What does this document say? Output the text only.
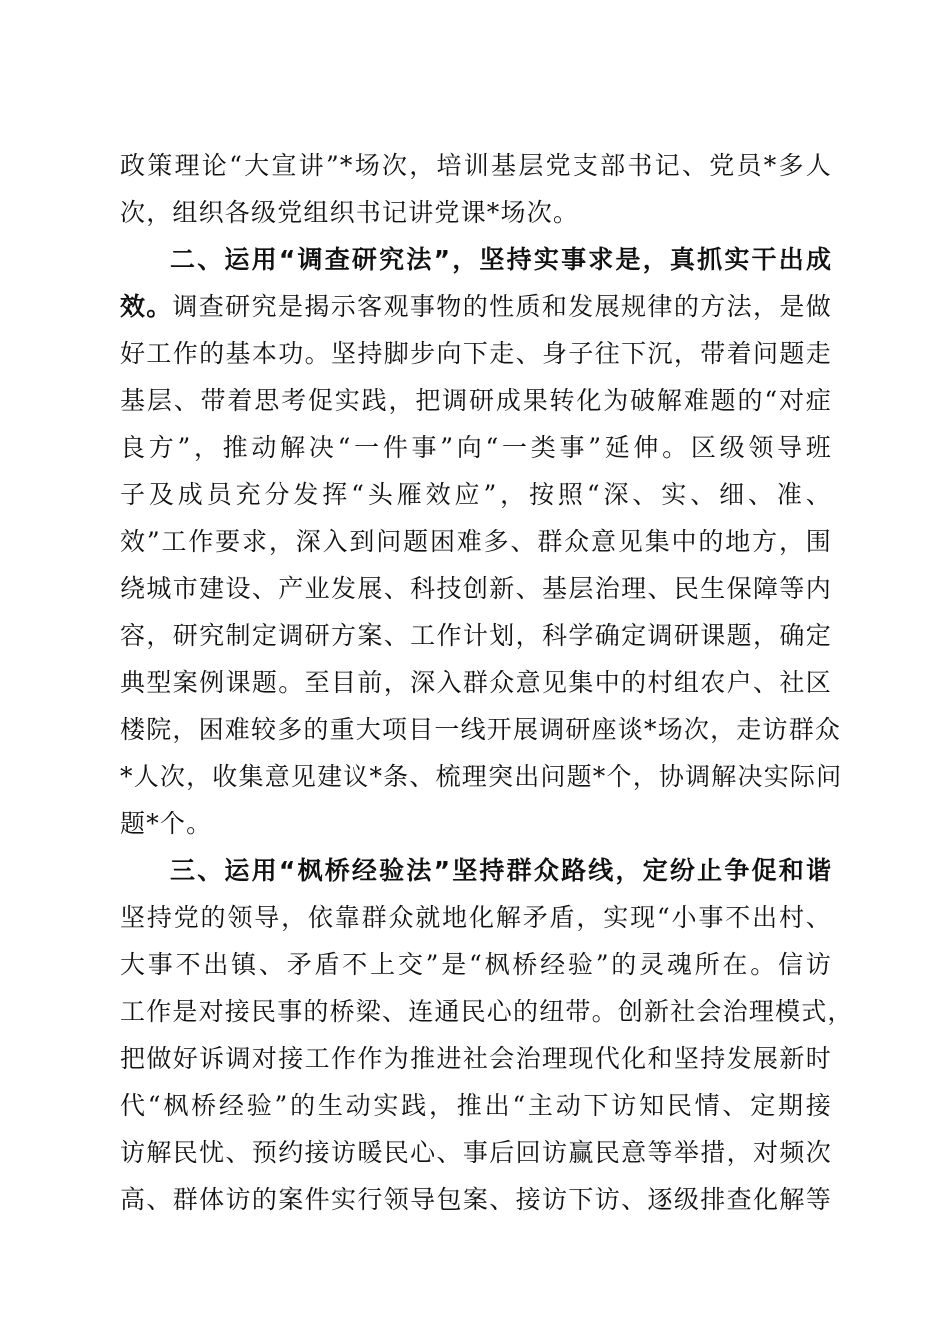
政策理论“大宣讲”*场次，培训基层党支部书记、党员*多人
次，组织各级党组织书记讲党课*场次。
二、运用“调查研究法”，坚持实事求是，真抓实干出成
效。调查研究是揭示客观事物的性质和发展规律的方法，是做
好工作的基本功。坚持脚步向下走、身子往下沉，带着问题走
基层、带着思考促实践，把调研成果转化为破解难题的“对症
良方”，推动解决“一件事”向“一类事”延伸。区级领导班
子及成员充分发挥“头雁效应”，按照“深、实、细、准、
效”工作要求，深入到问题困难多、群众意见集中的地方，围
绕城市建设、产业发展、科技创新、基层治理、民生保障等内
容，研究制定调研方案、工作计划，科学确定调研课题，确定
典型案例课题。至目前，深入群众意见集中的村组农户、社区
楼院，困难较多的重大项目一线开展调研座谈*场次，走访群众
*人次，收集意见建议*条、梳理突出问题*个，协调解决实际问
题*个。
三、运用“枫桥经验法”坚持群众路线，定纷止争促和谐
坚持党的领导，依靠群众就地化解矛盾，实现“小事不出村、
大事不出镇、矛盾不上交”是“枫桥经验”的灵魂所在。信访
工作是对接民事的桥梁、连通民心的纽带。创新社会治理模式，
把做好诉调对接工作作为推进社会治理现代化和坚持发展新时
代“枫桥经验”的生动实践，推出“主动下访知民情、定期接
访解民忧、预约接访暖民心、事后回访赢民意等举措，对频次
高、群体访的案件实行领导包案、接访下访、逐级排查化解等
